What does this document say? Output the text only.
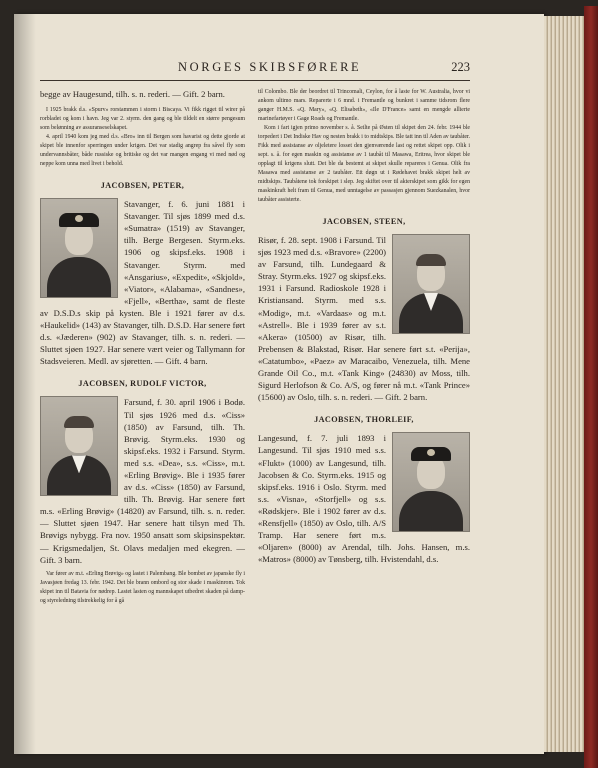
NORGES SKIBSFØRERE	223

begge av Haugesund, tilh. s. n. rederi. — Gift. 2 barn.

I 1925 brakk d.s. «Spurv» rorstammen i storm i Biscaya. Vi fikk rigget til wirer på rorbladet og kom i havn. Jeg var 2. styrm. den gang og ble tildelt en større pengesum som belønning av assuranseselskapet.

4. april 1940 kom jeg med d.s. «Bro» inn til Bergen som havarist og dette gjorde at skipet ble innenfor sperringen under krigen. Det var stadig angrep fra såvel fly som undervannsbåter, både russiske og britiske og det var mangen engang vi med nød og neppe kom unna med livet i behold.

JACOBSEN, PETER,

Stavanger, f. 6. juni 1881 i Stavanger. Til sjøs 1899 med d.s. «Sumatra» (1519) av Stavanger, tilh. Berge Bergesen. Styrm.eks. 1906 og skipsf.eks. 1908 i Stavanger. Styrm. med «Ansgarius», «Expedit», «Skjold», «Viator», «Alabama», «Sandnes», «Fjell», «Bertha», samt de fleste av D.S.D.s skip på kysten. Ble i 1921 fører av d.s. «Haukelid» (143) av Stavanger, tilh. D.S.D. Har senere ført d.s. «Jæderen» (902) av Stavanger, tilh. s. n. rederi. — Sluttet sjøen 1927. Har senere vært veier og Tallymann for Stadsveieren. Medl. av sjøretten. — Gift. 4 barn.

JACOBSEN, RUDOLF VICTOR,

Farsund, f. 30. april 1906 i Bodø. Til sjøs 1926 med d.s. «Ciss» (1850) av Farsund, tilh. Th. Brøvig. Styrm.eks. 1930 og skipsf.eks. 1932 i Farsund. Styrm. med s.s. «Dea», s.s. «Ciss», m.t. «Erling Brøvig». Ble i 1935 fører av d.s. «Ciss» (1850) av Farsund, tilh. Th. Brøvig. Har senere ført m.s. «Erling Brøvig» (14820) av Farsund, tilh. s. n. reder. — Sluttet sjøen 1947. Har senere hatt tilsyn med Th. Brøvigs nybygg. Fra nov. 1950 ansatt som skipsinspektør. — Krigsmedaljen, St. Olavs medaljen med ekegren. — Gift. 3 barn.

Var fører av m.t. «Erling Brøvig» og lastet i Palembang. Ble bombet av japanske fly i Javasjøen fredag 13. febr. 1942. Det ble brann ombord og stor skade i maskinrom. Tok skipet inn til Batavia for nødrep. Lastet lasten og mannskapet utbedret skaden på damp- og styreledning tilstrekkelig for å gå

til Colombo. Ble der beordret til Trincomali, Ceylon, for å laste for W. Australia, hvor vi ankom ultimo mars. Reparerte i 6 mnd. i Fremantle og bunkret i samme tidsrom flere ganger H.M.S. «Q. Mary», «Q. Elisabeth», «Ile D'France» samt en mengde allierte marinefartøyer i Gage Roads og Fremantle.

Kom i fart igjen primo november s. å. Seilte på Østen til skipet den 24. febr. 1944 ble torpedert i Det Indiske Hav og nesten brakk i to midtskips. Ble tatt inn til Aden av taubåter. Fikk med assistanse av oljeletere losset den gjenværende last og rettet skipet opp. Olik i sept. s. å. for egen maskin og assistanse av 1 taubåt til Masawa, Eritrea, hvor skipet ble opplagt til krigens slutt. Det ble da bestemt at skipet skulle repareres i Genua. Olik fra Masawa med assistanse av 2 taubåter. Ett døgn ut i Rødehavet brakk skipet helt av midtskips. Taubåtene tok forskipet i slep. Jeg skiftet over til akterskipet som gikk for egen maskinkraft helt fram til Genua, med unntagelse av passasjen gjennom Suezkanalen, hvor taubåter assisterte.

JACOBSEN, STEEN,

Risør, f. 28. sept. 1908 i Farsund. Til sjøs 1923 med d.s. «Bravore» (2200) av Farsund, tilh. Lundegaard & Stray. Styrm.eks. 1927 og skipsf.eks. 1931 i Farsund. Radioskole 1928 i Kristiansand. Styrm. med s.s. «Modig», m.t. «Vardaas» og m.t. «Astrell». Ble i 1939 fører av s.t. «Akera» (10500) av Risør, tilh. Prebensen & Blakstad, Risør. Har senere ført s.t. «Perija», «Catatumbo», «Paez» av Maracaibo, Venezuela, tilh. Mene Grande Oil Co., m.t. «Tank King» (24830) av Moss, tilh. Sigurd Herlofson & Co. A/S, og fører nå m.t. «Tank Prince» (15600) av Oslo, tilh. s. n. rederi. — Gift. 2 barn.

JACOBSEN, THORLEIF,

Langesund, f. 7. juli 1893 i Langesund. Til sjøs 1910 med s.s. «Flukt» (1000) av Langesund, tilh. Jacobsen & Co. Styrm.eks. 1915 og skipsf.eks. 1916 i Oslo. Styrm. med s.s. «Visna», «Storfjell» og s.s. «Rødskjer». Ble i 1902 fører av d.s. «Rensfjell» (1850) av Oslo, tilh. A/S Tramp. Har senere ført m.s. «Oljaren» (8000) av Arendal, tilh. Johs. Hansen, m.s. «Matros» (8000) av Tønsberg, tilh. Hvistendahl, d.s.
